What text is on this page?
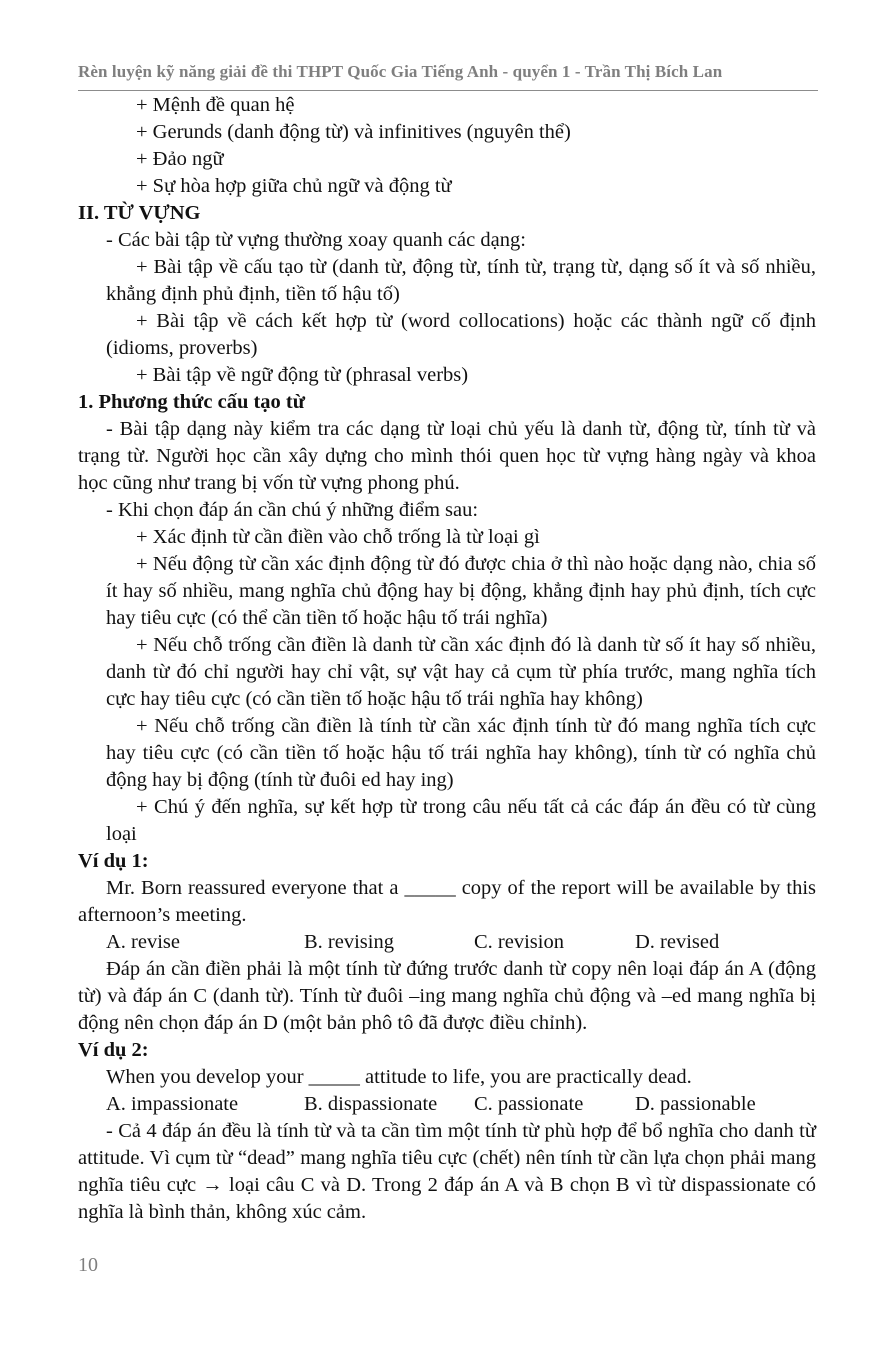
Rèn luyện kỹ năng giải đề thi THPT Quốc Gia Tiếng Anh - quyển 1 - Trần Thị Bích Lan

+ Mệnh đề quan hệ

+ Gerunds (danh động từ) và infinitives (nguyên thể)

+ Đảo ngữ

+ Sự hòa hợp giữa chủ ngữ và động từ

II. TỪ VỰNG

- Các bài tập từ vựng thường xoay quanh các dạng:

+ Bài tập về cấu tạo từ (danh từ, động từ, tính từ, trạng từ, dạng số ít và số nhiều, khẳng định phủ định, tiền tố hậu tố)

+ Bài tập về cách kết hợp từ (word collocations) hoặc các thành ngữ cố định (idioms, proverbs)

+ Bài tập về ngữ động từ (phrasal verbs)

1. Phương thức cấu tạo từ

- Bài tập dạng này kiểm tra các dạng từ loại chủ yếu là danh từ, động từ, tính từ và trạng từ. Người học cần xây dựng cho mình thói quen học từ vựng hàng ngày và khoa học cũng như trang bị vốn từ vựng phong phú.

- Khi chọn đáp án cần chú ý những điểm sau:

+ Xác định từ cần điền vào chỗ trống là từ loại gì

+ Nếu động từ cần xác định động từ đó được chia ở thì nào hoặc dạng nào, chia số ít hay số nhiều, mang nghĩa chủ động hay bị động, khẳng định hay phủ định, tích cực hay tiêu cực (có thể cần tiền tố hoặc hậu tố trái nghĩa)

+ Nếu chỗ trống cần điền là danh từ cần xác định đó là danh từ số ít hay số nhiều, danh từ đó chỉ người hay chỉ vật, sự vật hay cả cụm từ phía trước, mang nghĩa tích cực hay tiêu cực (có cần tiền tố hoặc hậu tố trái nghĩa hay không)

+ Nếu chỗ trống cần điền là tính từ cần xác định tính từ đó mang nghĩa tích cực hay tiêu cực (có cần tiền tố hoặc hậu tố trái nghĩa hay không), tính từ có nghĩa chủ động hay bị động (tính từ đuôi ed hay ing)

+ Chú ý đến nghĩa, sự kết hợp từ trong câu nếu tất cả các đáp án đều có từ cùng loại

Ví dụ 1:

Mr. Born reassured everyone that a _____ copy of the report will be available by this afternoon’s meeting.

A. revise	B. revising	C. revision	D. revised

Đáp án cần điền phải là một tính từ đứng trước danh từ copy nên loại đáp án A (động từ) và đáp án C (danh từ). Tính từ đuôi –ing mang nghĩa chủ động và –ed mang nghĩa bị động nên chọn đáp án D (một bản phô tô đã được điều chỉnh).

Ví dụ 2:

When you develop your _____ attitude to life, you are practically dead.

A. impassionate	B. dispassionate	C. passionate	D. passionable

- Cả 4 đáp án đều là tính từ và ta cần tìm một tính từ phù hợp để bổ nghĩa cho danh từ attitude. Vì cụm từ “dead” mang nghĩa tiêu cực (chết) nên tính từ cần lựa chọn phải mang nghĩa tiêu cực → loại câu C và D. Trong 2 đáp án A và B chọn B vì từ dispassionate có nghĩa là bình thản, không xúc cảm.

10
